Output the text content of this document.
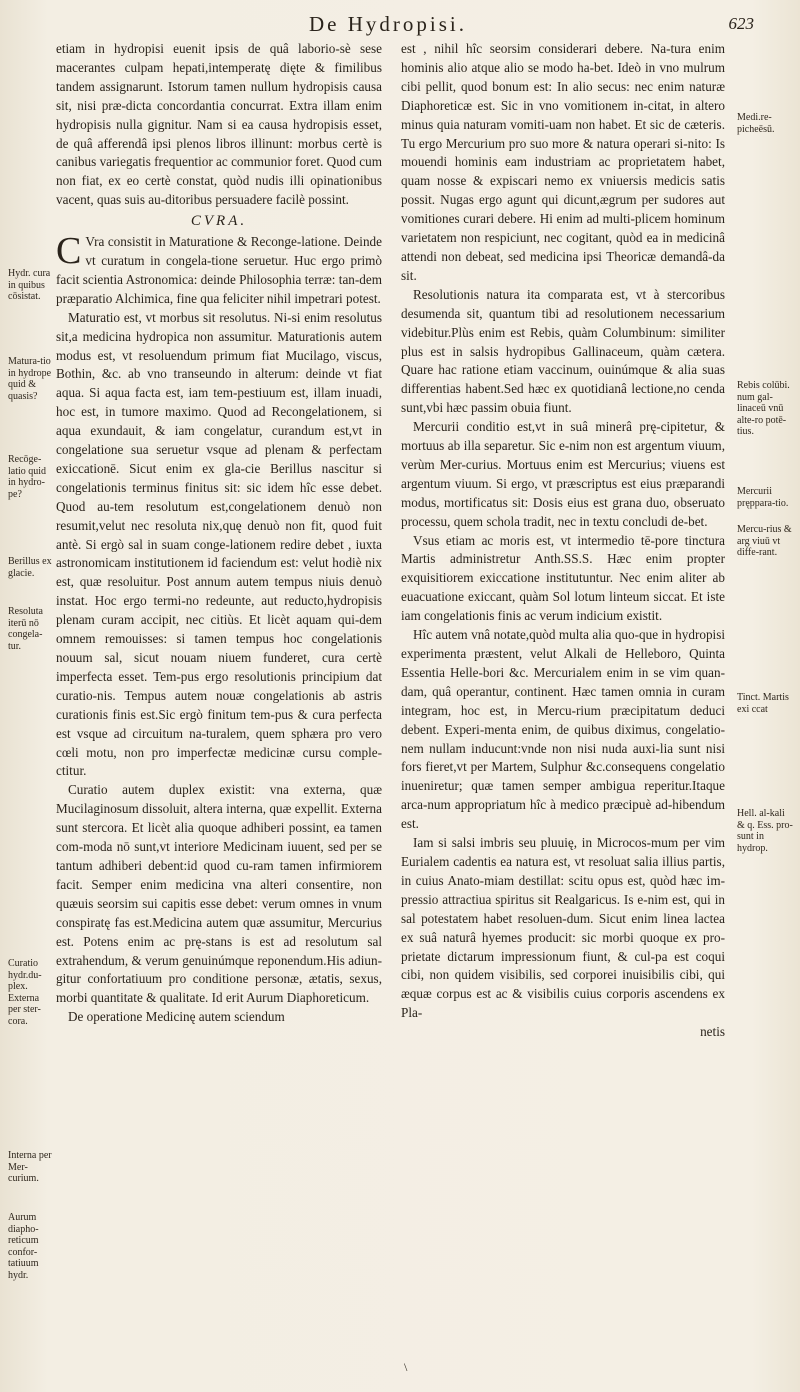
De Hydropisi.	623

etiam in hydropisi euenit ipsis de quâ laborio-sè sese macerantes culpam hepati,intemperatę dięte & fimilibus tandem assignarunt. Istorum tamen nullum hydropisis causa sit, nisi præ-dicta concordantia concurrat. Extra illam enim hydropisis nulla gignitur. Nam si ea causa hydropisis esset, de quâ afferendâ ipsi plenos libros illinunt: morbus certè is canibus variegatis frequentior ac communior foret. Quod cum non fiat, ex eo certè constat, quòd nudis illi opinationibus vacent, quas suis au-ditoribus persuadere facilè possint.

CVRA.

C Vra consistit in Maturatione & Reconge-latione. Deinde vt curatum in congela-tione seruetur. Huc ergo primò facit scientia Astronomica: deinde Philosophia terræ: tan-dem præparatio Alchimica, fine qua feliciter nihil impetrari potest.

Maturatio est, vt morbus sit resolutus. Ni-si enim resolutus sit,a medicina hydropica non assumitur. Maturationis autem modus est, vt resoluendum primum fiat Mucilago, viscus, Bothin, &c. ab vno transeundo in alterum: deinde vt fiat aqua. Si aqua facta est, iam tem-pestiuum est, illam inuadi, hoc est, in tumore maximo. Quod ad Recongelationem, si aqua exundauit, & iam congelatur, curandum est,vt in congelatione sua seruetur vsque ad plenam & perfectam exiccationē. Sicut enim ex gla-cie Berillus nascitur si congelationis terminus finitus sit: sic idem hîc esse debet. Quod au-tem resolutum est,congelationem denuò non resumit,velut nec resoluta nix,quę denuò non fit, quod fuit antè. Si ergò sal in suam conge-lationem redire debet , iuxta astronomicam institutionem id faciendum est: velut hodiè nix est, quæ resoluitur. Post annum autem tempus niuis denuò instat. Hoc ergo termi-no redeunte, aut reducto,hydropisis plenam curam accipit, nec citiùs. Et licèt aquam qui-dem omnem remouisses: si tamen tempus hoc congelationis nouum sal, sicut nouam niuem funderet, cura certè imperfecta esset. Tem-pus ergo resolutionis principium dat curatio-nis. Tempus autem nouæ congelationis ab astris curationis finis est.Sic ergò finitum tem-pus & cura perfecta est vsque ad circuitum na-turalem, quem sphæra pro vero cœli motu, non pro imperfectæ medicinæ cursu comple-ctitur.

Curatio autem duplex existit: vna externa, quæ Mucilaginosum dissoluit, altera interna, quæ expellit. Externa sunt stercora. Et licèt alia quoque adhiberi possint, ea tamen com-moda nō sunt,vt interiore Medicinam iuuent, sed per se tantum adhiberi debent:id quod cu-ram tamen infirmiorem facit. Semper enim medicina vna alteri consentire, non quæuis seorsim sui capitis esse debet: verum omnes in vnum conspiratę fas est.Medicina autem quæ assumitur, Mercurius est. Potens enim ac prę-stans is est ad resolutum sal extrahendum, & verum genuinúmque reponendum.His adiun-gitur confortatiuum pro conditione personæ, ætatis, sexus, morbi quantitate & qualitate. Id erit Aurum Diaphoreticum.

De operatione Medicinę autem sciendum

est , nihil hîc seorsim considerari debere. Na-tura enim hominis alio atque alio se modo ha-bet. Ideò in vno mulrum cibi pellit, quod bonum est: In alio secus: nec enim naturæ Diaphoreticæ est. Sic in vno vomitionem in-citat, in altero minus quia naturam vomiti-uam non habet. Et sic de cæteris. Tu ergo Mercurium pro suo more & natura operari si-nito: Is mouendi hominis eam industriam ac proprietatem habet, quam nosse & expiscari nemo ex vniuersis medicis satis possit. Nugas ergo agunt qui dicunt,ægrum per sudores aut vomitiones curari debere. Hi enim ad multi-plicem hominum varietatem non respiciunt, nec cogitant, quòd ea in medicinâ attendi non debeat, sed medicina ipsi Theoricæ demandâ-da sit.

Resolutionis natura ita comparata est, vt à stercoribus desumenda sit, quantum tibi ad resolutionem necessarium videbitur.Plùs enim est Rebis, quàm Columbinum: similiter plus est in salsis hydropibus Gallinaceum, quàm cætera. Quare hac ratione etiam vaccinum, ouinúmque & alia suas differentias habent.Sed hæc ex quotidianâ lectione,no cenda sunt,vbi hæc passim obuia fiunt.

Mercurii conditio est,vt in suâ minerâ prę-cipitetur, & mortuus ab illa separetur. Sic e-nim non est argentum viuum, verùm Mer-curius. Mortuus enim est Mercurius; viuens est argentum viuum. Si ergo, vt præscriptus est eius præparandi modus, mortificatus sit: Dosis eius est grana duo, obseruato processu, quem schola tradit, nec in textu concludi de-bet.

Vsus etiam ac moris est, vt intermedio tē-pore tinctura Martis administretur Anth.SS.S. Hæc enim propter exquisitiorem exiccatione institutuntur. Nec enim aliter ab euacuatione exiccant, quàm Sol lotum linteum siccat. Et iste iam congelationis finis ac verum indicium existit.

Hîc autem vnâ notate,quòd multa alia quo-que in hydropisi experimenta præstent, velut Alkali de Helleboro, Quinta Essentia Helle-bori &c. Mercurialem enim in se vim quan-dam, quâ operantur, continent. Hæc tamen omnia in curam integram, hoc est, in Mercu-rium præcipitatum deduci debent. Experi-menta enim, de quibus diximus, congelatio-nem nullam inducunt:vnde non nisi nuda auxi-lia sunt nisi fors fieret,vt per Martem, Sulphur &c.consequens congelatio inueniretur; quæ tamen semper ambigua reperitur.Itaque arca-num appropriatum hîc à medico præcipuè ad-hibendum est.

Iam si salsi imbris seu pluuię, in Microcos-mum per vim Eurialem cadentis ea natura est, vt resoluat salia illius partis, in cuius Anato-miam destillat: scitu opus est, quòd hæc im-pressio attractiua spiritus sit Realgaricus. Is e-nim est, qui in sal potestatem habet resoluen-dum. Sicut enim linea lactea ex suâ naturâ hyemes producit: sic morbi quoque ex pro-prietate dictarum impressionum fiunt, & cul-pa est coqui cibi, non quidem visibilis, sed corporei inuisibilis cibi, qui æquæ corpus est ac & visibilis cuius corporis ascendens ex Pla-

netis

Hydr. cura in quibus cōsistat.
Matura-tio in hydrope quid & quasis?
Recōge-latio quid in hydro-pe?
Berillus ex glacie.
Resoluta iterū nō congela-tur.
Curatio hydr.du-plex. Externa per ster-cora.
Interna per Mer-curium.
Aurum diapho-reticum confor-tatiuum hydr.
Medi.re-picheēsū.
Rebis colūbi. num gal-linaceū vnū alte-ro potē-tius.
Mercurii pręppara-tio.
Mercu-rius & arg viuū vt diffe-rant.
Tinct. Martis exi ccat
Hell. al-kali & q. Ess. pro-sunt in hydrop.
\
